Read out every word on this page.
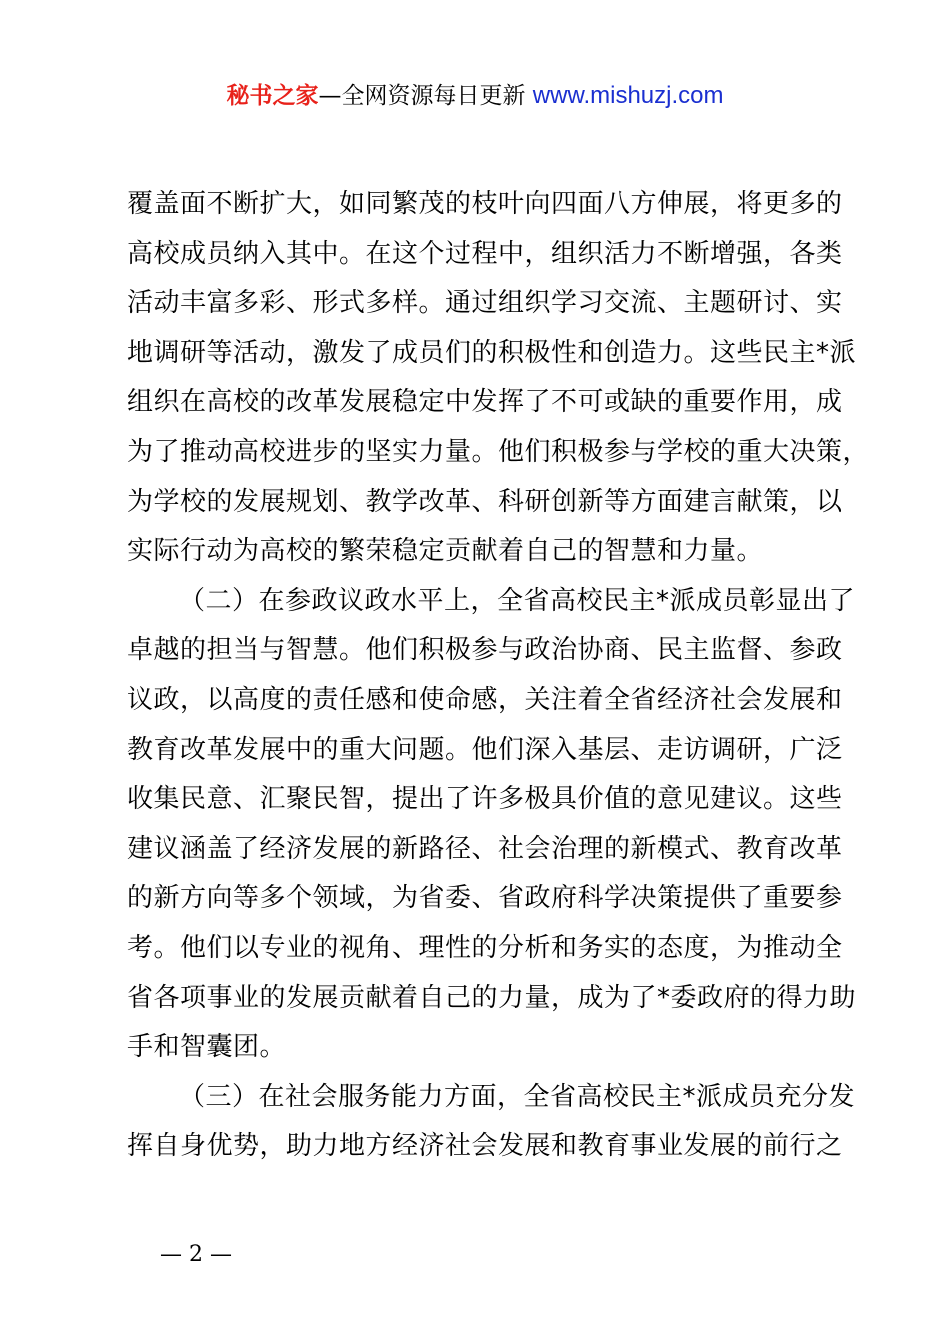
秘书之家—全网资源每日更新 www.mishuzj.com
覆盖面不断扩大，如同繁茂的枝叶向四面八方伸展，将更多的
高校成员纳入其中。在这个过程中，组织活力不断增强，各类
活动丰富多彩、形式多样。通过组织学习交流、主题研讨、实
地调研等活动，激发了成员们的积极性和创造力。这些民主*派
组织在高校的改革发展稳定中发挥了不可或缺的重要作用，成
为了推动高校进步的坚实力量。他们积极参与学校的重大决策，
为学校的发展规划、教学改革、科研创新等方面建言献策，以
实际行动为高校的繁荣稳定贡献着自己的智慧和力量。
（二）在参政议政水平上，全省高校民主*派成员彰显出了
卓越的担当与智慧。他们积极参与政治协商、民主监督、参政
议政，以高度的责任感和使命感，关注着全省经济社会发展和
教育改革发展中的重大问题。他们深入基层、走访调研，广泛
收集民意、汇聚民智，提出了许多极具价值的意见建议。这些
建议涵盖了经济发展的新路径、社会治理的新模式、教育改革
的新方向等多个领域，为省委、省政府科学决策提供了重要参
考。他们以专业的视角、理性的分析和务实的态度，为推动全
省各项事业的发展贡献着自己的力量，成为了*委政府的得力助
手和智囊团。
（三）在社会服务能力方面，全省高校民主*派成员充分发
挥自身优势，助力地方经济社会发展和教育事业发展的前行之
— 2 —
